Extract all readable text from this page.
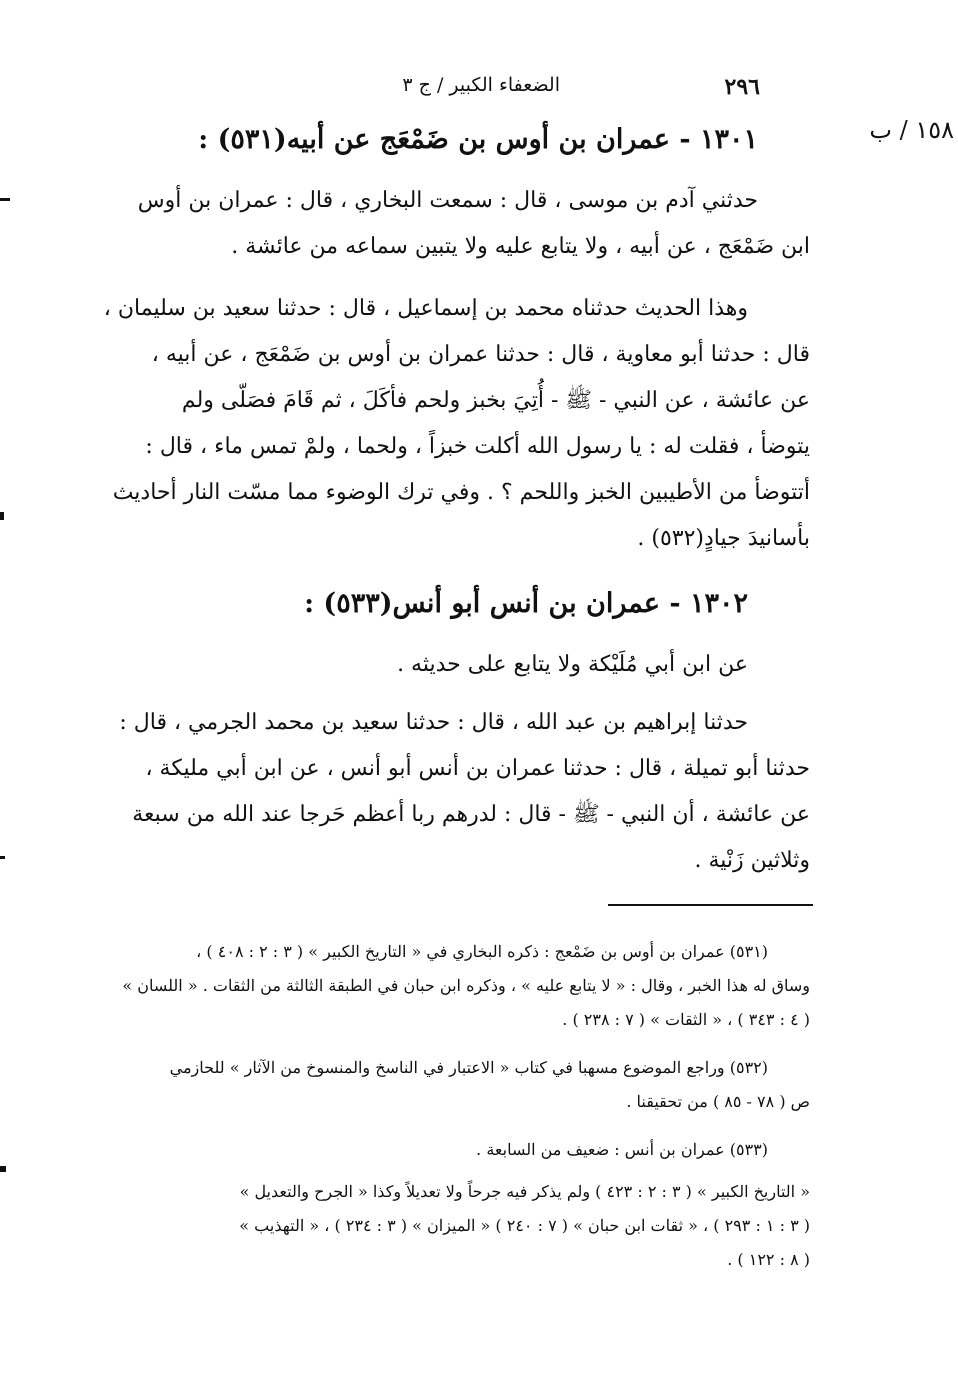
٢٩٦
الضعفاء الكبير / ج ٣
١٥٨ / ب
١٣٠١ - عمران بن أوس بن ضَمْعَج عن أبيه(٥٣١) :
حدثني آدم بن موسى ، قال : سمعت البخاري ، قال : عمران بن أوس
ابن ضَمْعَج ، عن أبيه ، ولا يتابع عليه ولا يتبين سماعه من عائشة .
وهذا الحديث حدثناه محمد بن إسماعيل ، قال : حدثنا سعيد بن سليمان ،
قال : حدثنا أبو معاوية ، قال : حدثنا عمران بن أوس بن ضَمْعَج ، عن أبيه ،
عن عائشة ، عن النبي - ﷺ - أُتِيَ بخبز ولحم فأكَلَ ، ثم قَامَ فصَلّى ولم
يتوضأ ، فقلت له : يا رسول الله أكلت خبزاً ، ولحما ، ولمْ تمس ماء ، قال :
أتتوضأ من الأطيبين الخبز واللحم ؟ . وفي ترك الوضوء مما مسّت النار أحاديث
بأسانيدَ جيادٍ(٥٣٢) .
١٣٠٢ - عمران بن أنس أبو أنس(٥٣٣) :
عن ابن أبي مُلَيْكة ولا يتابع على حديثه .
حدثنا إبراهيم بن عبد الله ، قال : حدثنا سعيد بن محمد الجرمي ، قال :
حدثنا أبو تميلة ، قال : حدثنا عمران بن أنس أبو أنس ، عن ابن أبي مليكة ،
عن عائشة ، أن النبي - ﷺ - قال : لدرهم ربا أعظم حَرجا عند الله من سبعة
وثلاثين زَنْية .
(٥٣١) عمران بن أوس بن ضَمْعج : ذكره البخاري في « التاريخ الكبير » ( ٣ : ٢ : ٤٠٨ ) ،
وساق له هذا الخبر ، وقال : « لا يتابع عليه » ، وذكره ابن حبان في الطبقة الثالثة من الثقات . « اللسان »
( ٤ : ٣٤٣ ) ، « الثقات » ( ٧ : ٢٣٨ ) .
(٥٣٢) وراجع الموضوع مسهبا في كتاب « الاعتبار في الناسخ والمنسوخ من الآثار » للحازمي
ص ( ٧٨ - ٨٥ ) من تحقيقنا .
(٥٣٣) عمران بن أنس : ضعيف من السابعة .
« التاريخ الكبير » ( ٣ : ٢ : ٤٢٣ ) ولم يذكر فيه جرحاً ولا تعديلاً وكذا « الجرح والتعديل »
( ٣ : ١ : ٢٩٣ ) ، « ثقات ابن حبان » ( ٧ : ٢٤٠ ) « الميزان » ( ٣ : ٢٣٤ ) ، « التهذيب »
( ٨ : ١٢٢ ) .
